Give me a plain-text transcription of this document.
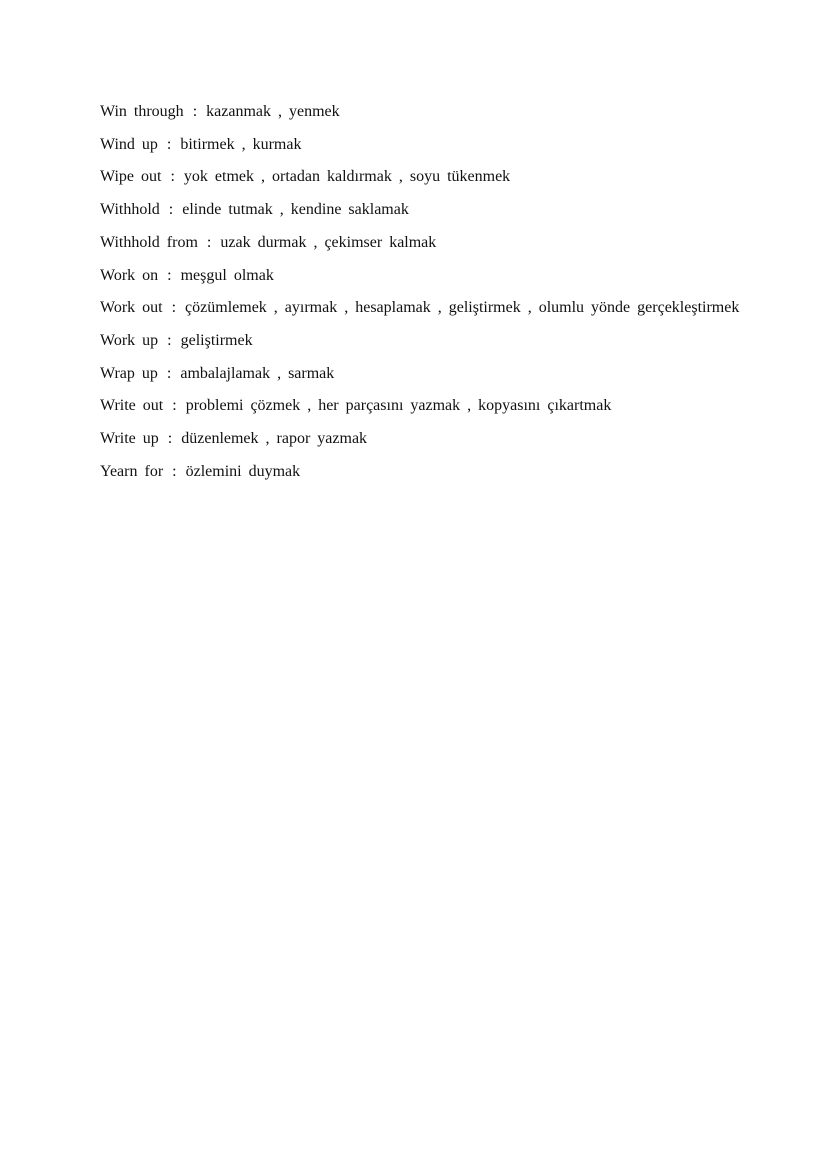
Win through : kazanmak , yenmek
Wind up : bitirmek , kurmak
Wipe out : yok etmek , ortadan kaldırmak , soyu tükenmek
Withhold : elinde tutmak , kendine saklamak
Withhold from : uzak durmak , çekimser kalmak
Work on : meşgul olmak
Work out : çözümlemek , ayırmak , hesaplamak , geliştirmek , olumlu yönde gerçekleştirmek
Work up : geliştirmek
Wrap up : ambalajlamak , sarmak
Write out : problemi çözmek , her parçasını yazmak , kopyasını çıkartmak
Write up : düzenlemek , rapor yazmak
Yearn for : özlemini duymak
